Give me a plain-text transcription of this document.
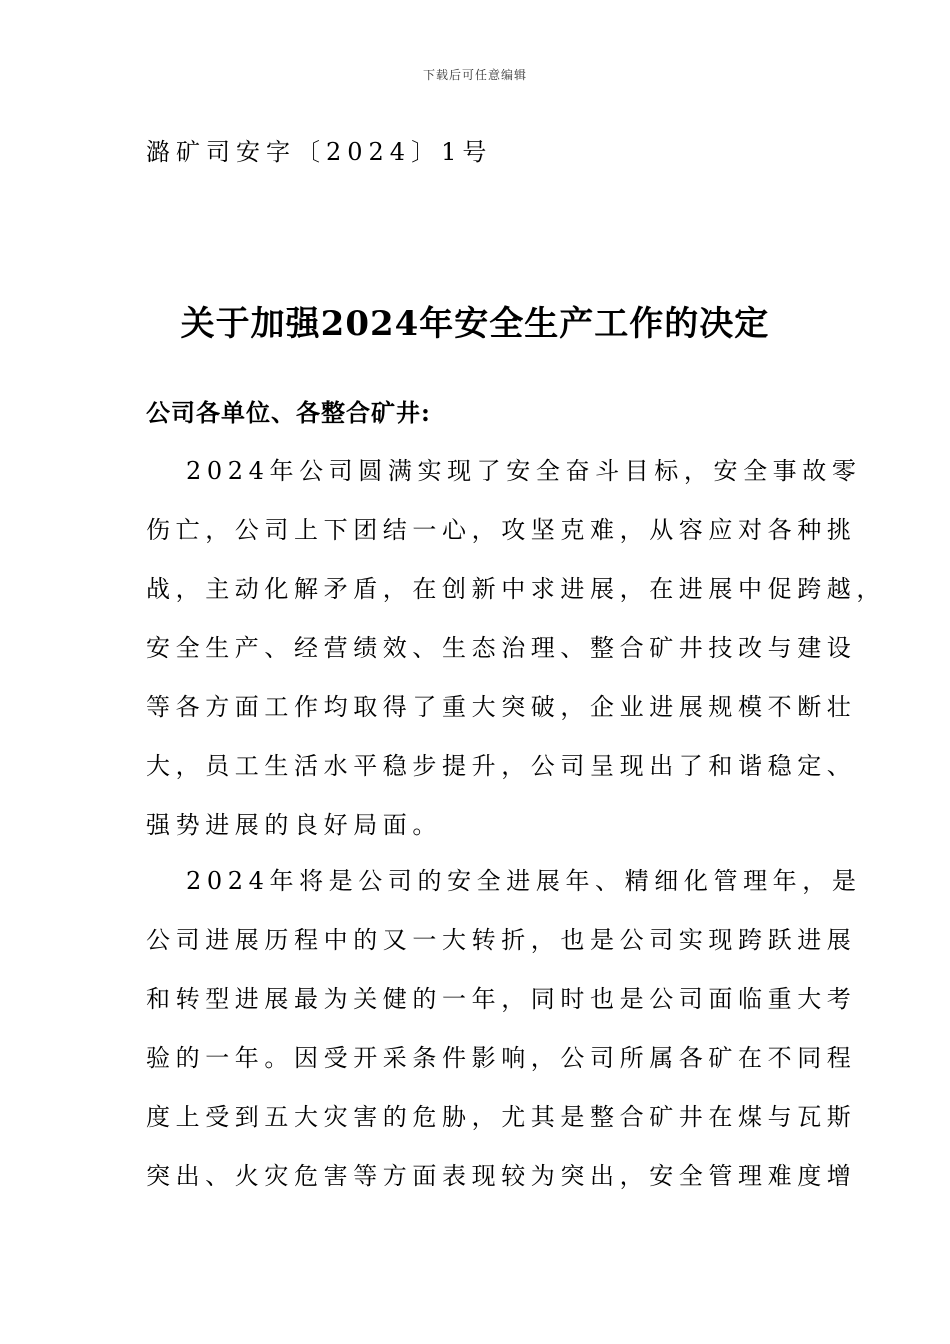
下载后可任意编辑
潞矿司安字〔2024〕1号
关于加强2024年安全生产工作的决定
公司各单位、各整合矿井:
2024年公司圆满实现了安全奋斗目标，安全事故零
伤亡，公司上下团结一心，攻坚克难，从容应对各种挑
战，主动化解矛盾，在创新中求进展，在进展中促跨越，
安全生产、经营绩效、生态治理、整合矿井技改与建设
等各方面工作均取得了重大突破，企业进展规模不断壮
大，员工生活水平稳步提升，公司呈现出了和谐稳定、
强势进展的良好局面。
2024年将是公司的安全进展年、精细化管理年，是
公司进展历程中的又一大转折，也是公司实现跨跃进展
和转型进展最为关健的一年，同时也是公司面临重大考
验的一年。因受开采条件影响，公司所属各矿在不同程
度上受到五大灾害的危胁，尤其是整合矿井在煤与瓦斯
突出、火灾危害等方面表现较为突出，安全管理难度增
